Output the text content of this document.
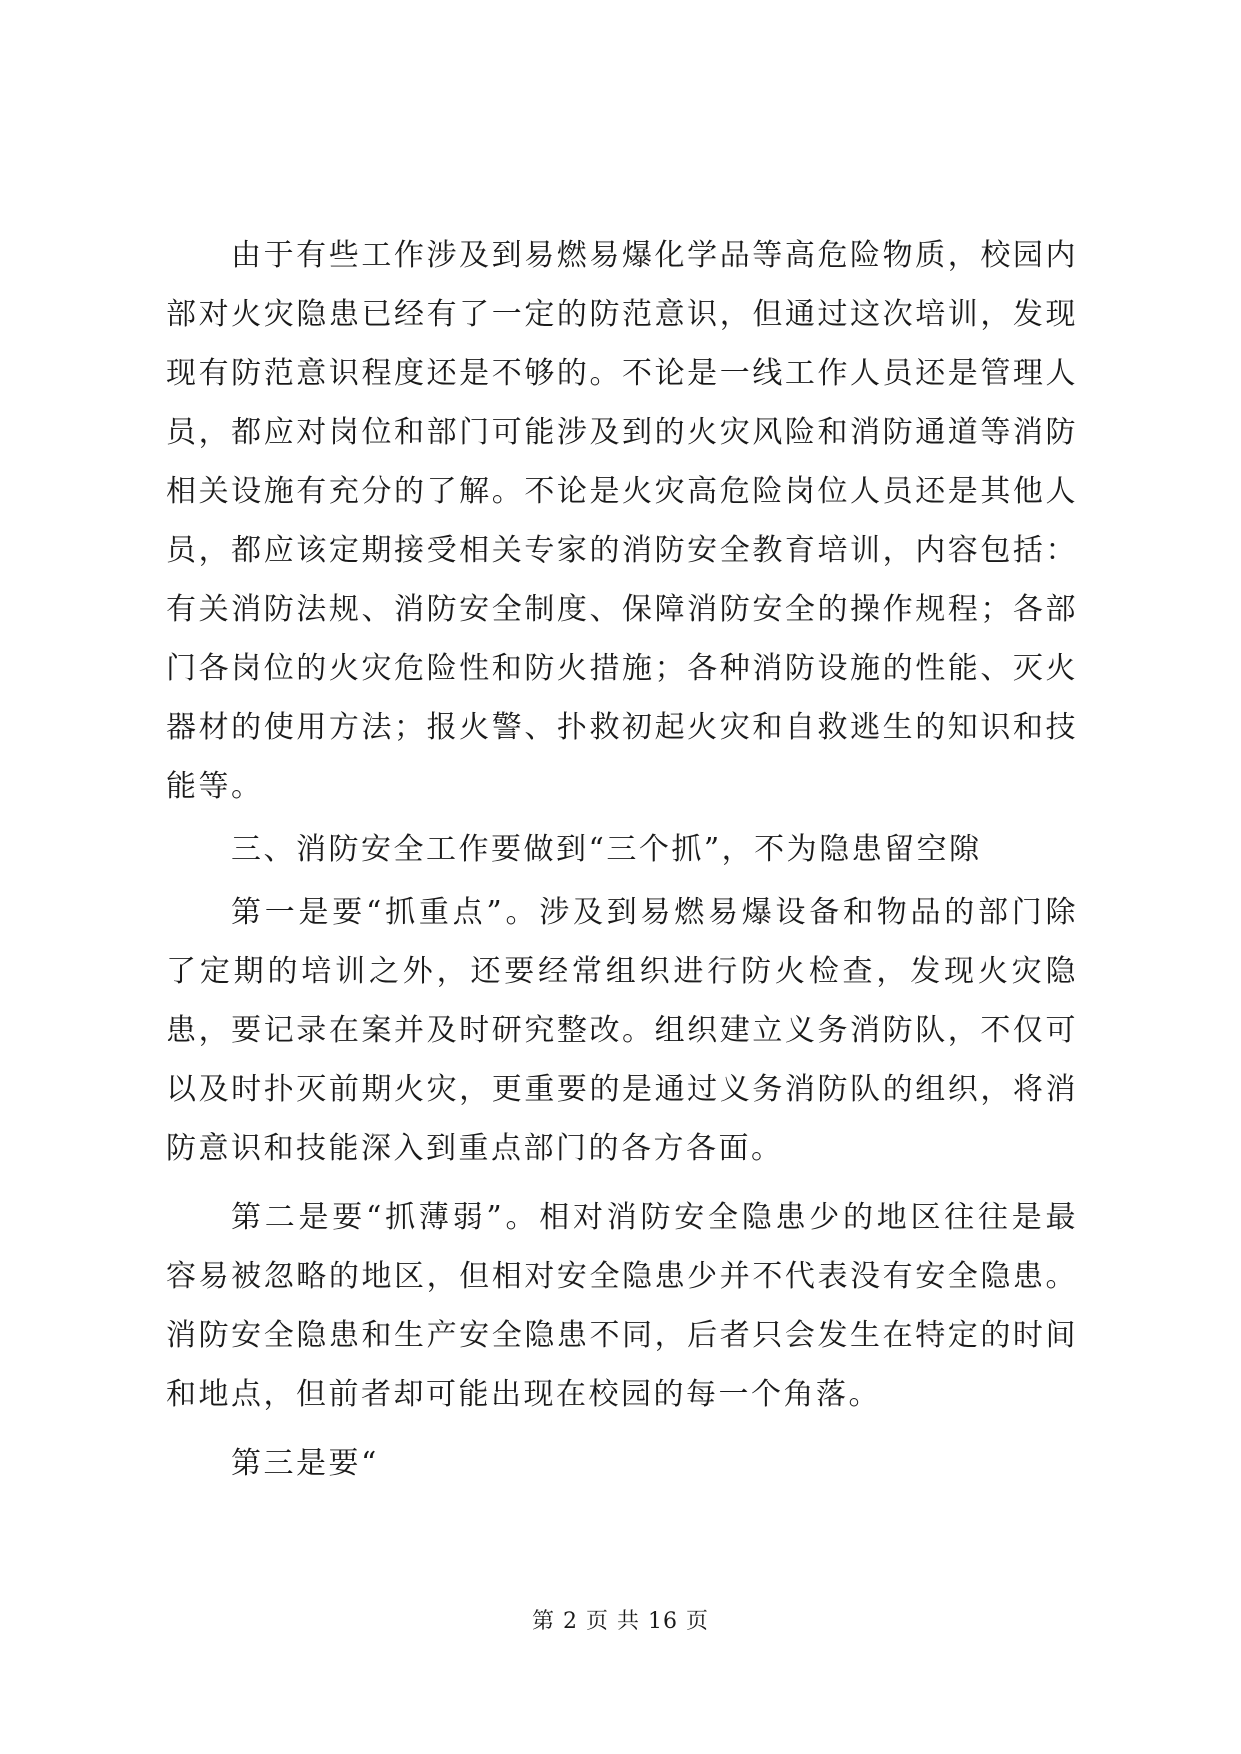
由于有些工作涉及到易燃易爆化学品等高危险物质，校园内部对火灾隐患已经有了一定的防范意识，但通过这次培训，发现现有防范意识程度还是不够的。不论是一线工作人员还是管理人员，都应对岗位和部门可能涉及到的火灾风险和消防通道等消防相关设施有充分的了解。不论是火灾高危险岗位人员还是其他人员，都应该定期接受相关专家的消防安全教育培训，内容包括：有关消防法规、消防安全制度、保障消防安全的操作规程；各部门各岗位的火灾危险性和防火措施；各种消防设施的性能、灭火器材的使用方法；报火警、扑救初起火灾和自救逃生的知识和技能等。

三、消防安全工作要做到“三个抓”，不为隐患留空隙

第一是要“抓重点”。涉及到易燃易爆设备和物品的部门除了定期的培训之外，还要经常组织进行防火检查，发现火灾隐患，要记录在案并及时研究整改。组织建立义务消防队，不仅可以及时扑灭前期火灾，更重要的是通过义务消防队的组织，将消防意识和技能深入到重点部门的各方各面。

第二是要“抓薄弱”。相对消防安全隐患少的地区往往是最容易被忽略的地区，但相对安全隐患少并不代表没有安全隐患。消防安全隐患和生产安全隐患不同，后者只会发生在特定的时间和地点，但前者却可能出现在校园的每一个角落。

第三是要“

第 2 页 共 16 页
